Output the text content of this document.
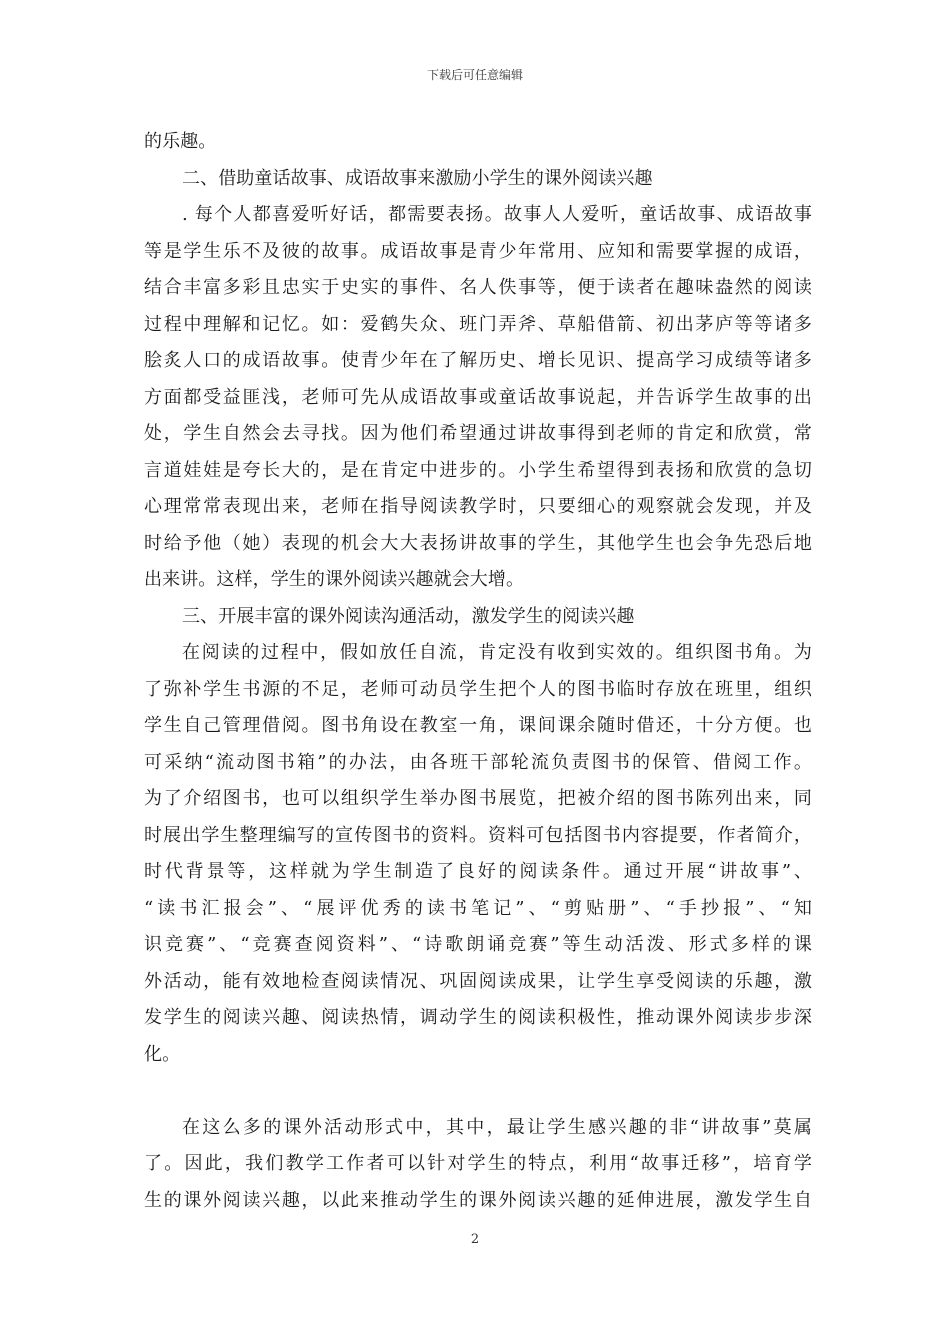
下载后可任意编辑
的乐趣。
二、借助童话故事、成语故事来激励小学生的课外阅读兴趣
. 每个人都喜爱听好话，都需要表扬。故事人人爱听，童话故事、成语故事
等是学生乐不及彼的故事。成语故事是青少年常用、应知和需要掌握的成语，
结合丰富多彩且忠实于史实的事件、名人佚事等，便于读者在趣味盎然的阅读
过程中理解和记忆。如：爱鹤失众、班门弄斧、草船借箭、初出茅庐等等诸多
脍炙人口的成语故事。使青少年在了解历史、增长见识、提高学习成绩等诸多
方面都受益匪浅，老师可先从成语故事或童话故事说起，并告诉学生故事的出
处，学生自然会去寻找。因为他们希望通过讲故事得到老师的肯定和欣赏，常
言道娃娃是夸长大的，是在肯定中进步的。小学生希望得到表扬和欣赏的急切
心理常常表现出来，老师在指导阅读教学时，只要细心的观察就会发现，并及
时给予他（她）表现的机会大大表扬讲故事的学生，其他学生也会争先恐后地
出来讲。这样，学生的课外阅读兴趣就会大增。
三、开展丰富的课外阅读沟通活动，激发学生的阅读兴趣
在阅读的过程中，假如放任自流，肯定没有收到实效的。组织图书角。为
了弥补学生书源的不足，老师可动员学生把个人的图书临时存放在班里，组织
学生自己管理借阅。图书角设在教室一角，课间课余随时借还，十分方便。也
可采纳“流动图书箱”的办法，由各班干部轮流负责图书的保管、借阅工作。
为了介绍图书，也可以组织学生举办图书展览，把被介绍的图书陈列出来，同
时展出学生整理编写的宣传图书的资料。资料可包括图书内容提要，作者简介，
时代背景等，这样就为学生制造了良好的阅读条件。通过开展“讲故事”、
“读书汇报会”、“展评优秀的读书笔记”、“剪贴册”、“手抄报”、“知
识竞赛”、“竞赛查阅资料”、“诗歌朗诵竞赛”等生动活泼、形式多样的课
外活动，能有效地检查阅读情况、巩固阅读成果，让学生享受阅读的乐趣，激
发学生的阅读兴趣、阅读热情，调动学生的阅读积极性，推动课外阅读步步深
化。
在这么多的课外活动形式中，其中，最让学生感兴趣的非“讲故事”莫属
了。因此，我们教学工作者可以针对学生的特点，利用“故事迁移”，培育学
生的课外阅读兴趣，以此来推动学生的课外阅读兴趣的延伸进展，激发学生自
2
